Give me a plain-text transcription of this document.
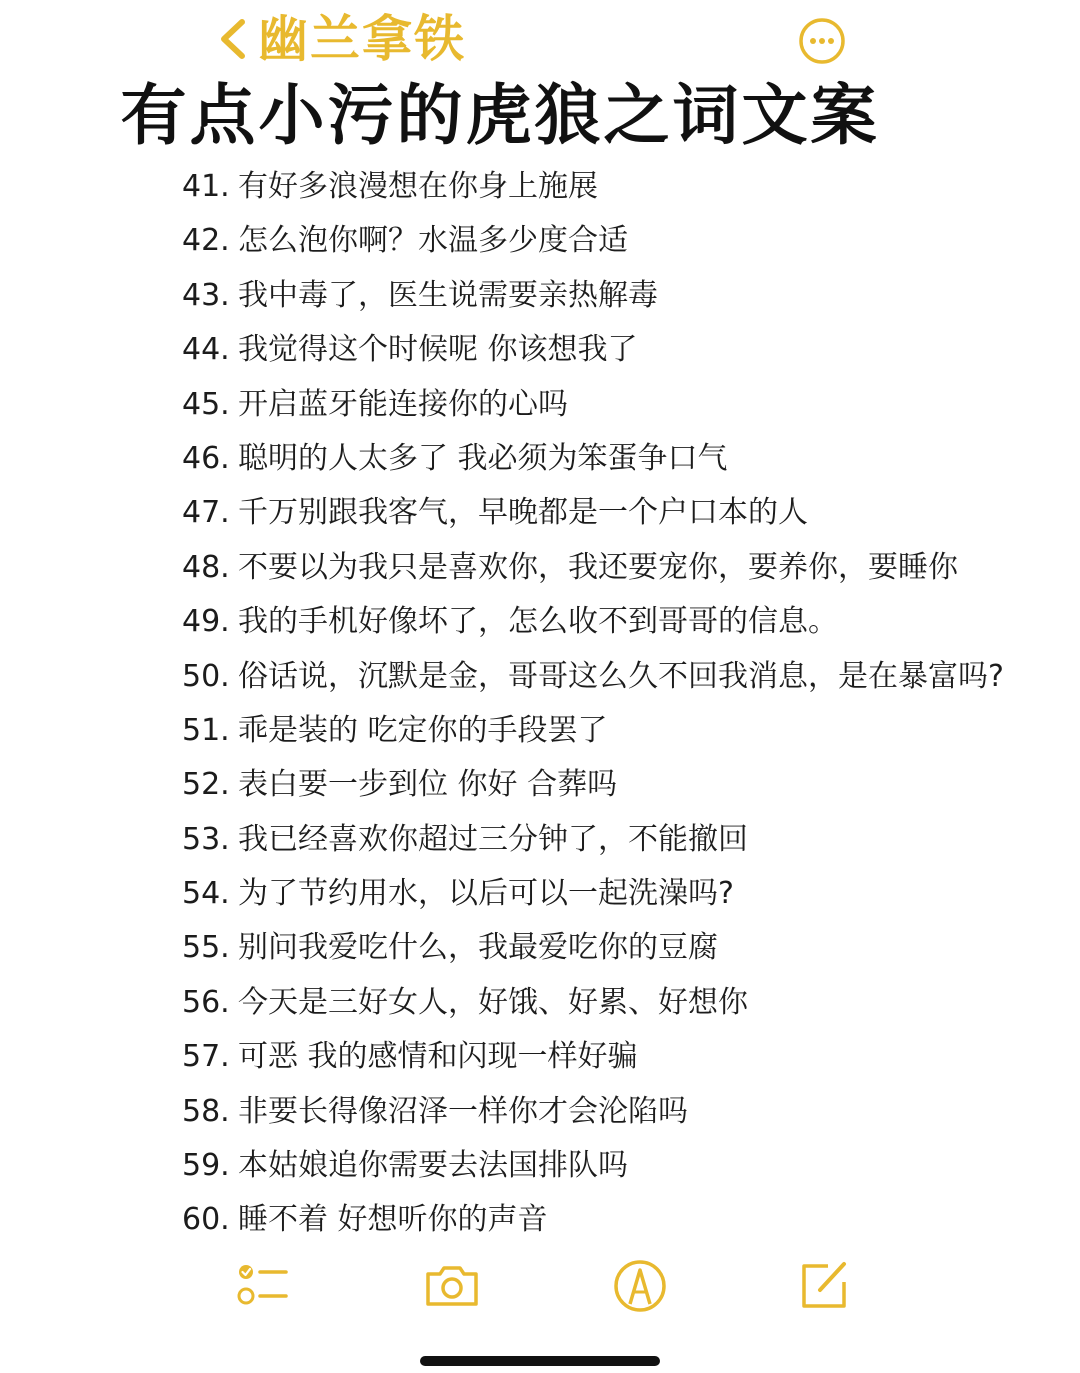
幽兰拿铁
有点小污的虎狼之词文案
41. 有好多浪漫想在你身上施展
42. 怎么泡你啊？水温多少度合适
43. 我中毒了，医生说需要亲热解毒
44. 我觉得这个时候呢 你该想我了
45. 开启蓝牙能连接你的心吗
46. 聪明的人太多了 我必须为笨蛋争口气
47. 千万别跟我客气，早晚都是一个户口本的人
48. 不要以为我只是喜欢你，我还要宠你，要养你，要睡你
49. 我的手机好像坏了，怎么收不到哥哥的信息。
50. 俗话说，沉默是金，哥哥这么久不回我消息，是在暴富吗?
51. 乖是装的 吃定你的手段罢了
52. 表白要一步到位 你好 合葬吗
53. 我已经喜欢你超过三分钟了，不能撤回
54. 为了节约用水，以后可以一起洗澡吗?
55. 别问我爱吃什么，我最爱吃你的豆腐
56. 今天是三好女人，好饿、好累、好想你
57. 可恶 我的感情和闪现一样好骗
58. 非要长得像沼泽一样你才会沦陷吗
59. 本姑娘追你需要去法国排队吗
60. 睡不着 好想听你的声音
